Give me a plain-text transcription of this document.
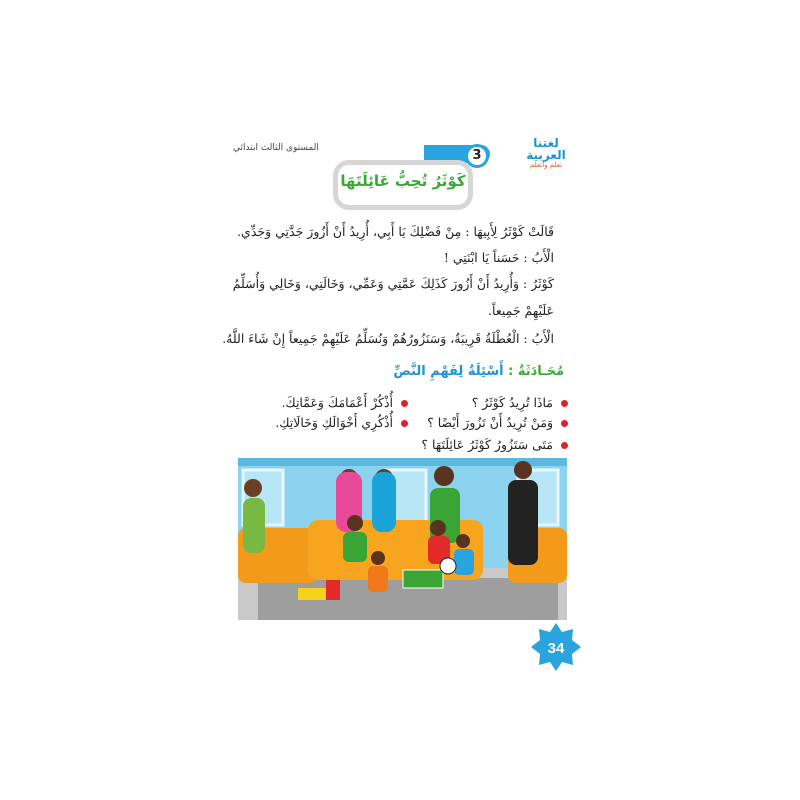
المستوى الثالث ابتدائي	لغتنا العربية
تعلم وأتعلم
3
كَوْثَرُ تُحِبُّ عَائِلَتَهَا
قَالَتْ كَوْثَرُ لِأَبِيهَا : مِنْ فَضْلِكَ يَا أَبِي، أُرِيدُ أَنْ أَزُورَ جَدَّتِي وَجَدِّي.
الْأَبُ : حَسَناً يَا ابْنَتِي !
كَوْثَرُ : وَأُرِيدُ أَنْ أَزُورَ كَذَلِكَ عَمَّتِي وَعَمِّي، وَخَالَتِي، وَخَالِي وَأُسَلِّمُ
عَلَيْهِمْ جَمِيعاً.
الْأَبُ : الْعُطْلَةُ قَرِيبَةٌ، وَسَنَزُورُهُمْ وَنُسَلِّمُ عَلَيْهِمْ جَمِيعاً إِنْ شَاءَ اللَّهُ.
مُحَـادَثَةٌ : أَسْئِلَةٌ لِفَهْمِ النَّصِّ
مَاذَا تُرِيدُ كَوْثَرُ ؟
وَمَنْ تُرِيدُ أَنْ تَزُورَ أَيْضًا ؟
مَتَى سَتَزُورُ كَوْثَرُ عَائِلَتَهَا ؟
أُذْكُرْ أَعْمَامَكَ وَعَمَّاتِكَ.
أُذْكُرِي أَخْوَالَكِ وَخَالَاتِكِ.
34
